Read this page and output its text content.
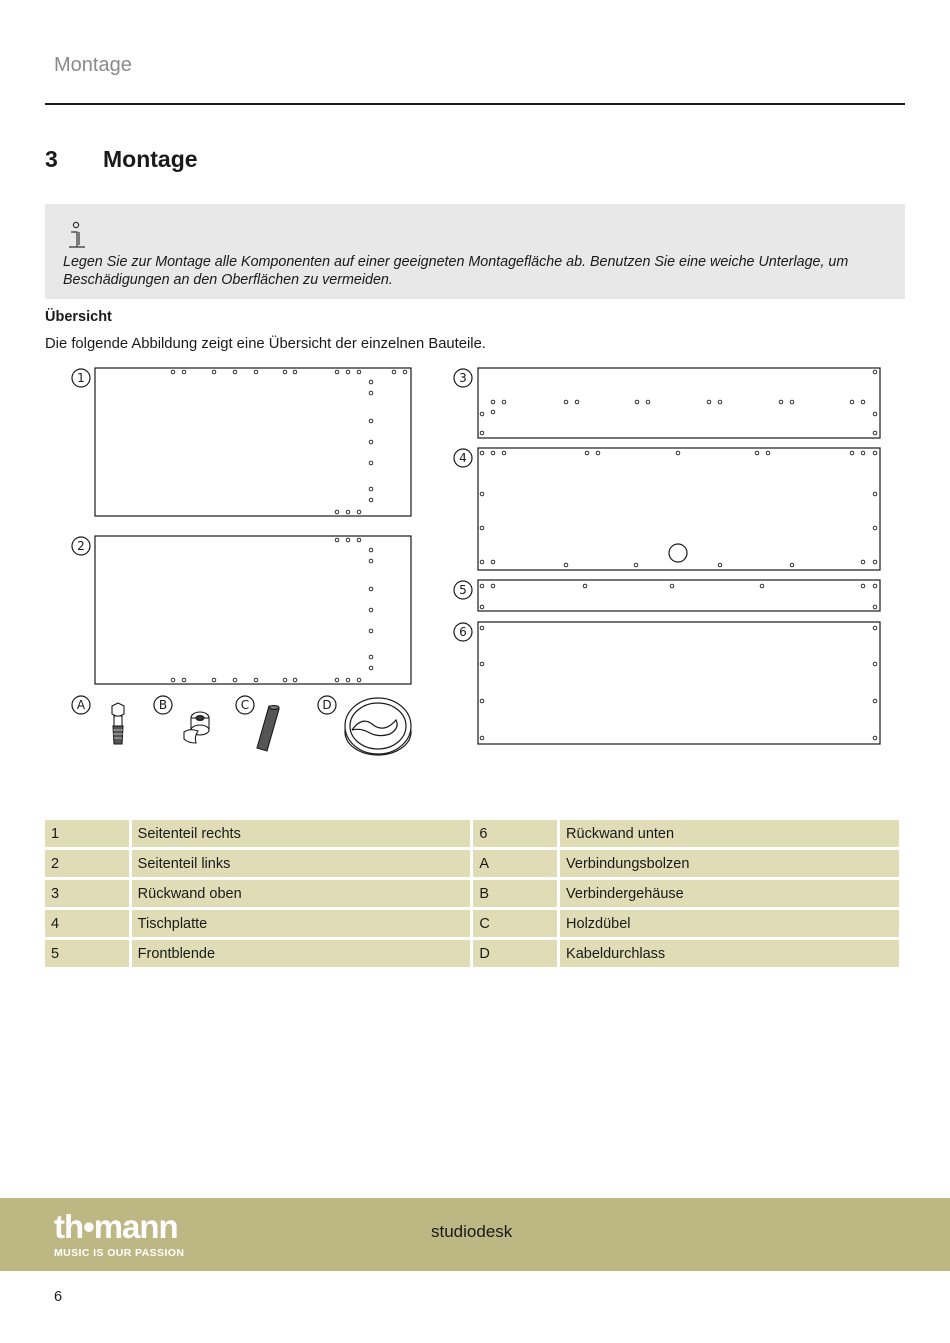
Montage
3 Montage
Legen Sie zur Montage alle Komponenten auf einer geeigneten Montagefläche ab. Benutzen Sie eine weiche Unterlage, um Beschädigungen an den Oberflächen zu vermeiden.
Übersicht
Die folgende Abbildung zeigt eine Übersicht der einzelnen Bauteile.
1
2
3
4
5
6
A	B	C	D
1	Seitenteil rechts	6	Rückwand unten
2	Seitenteil links	A	Verbindungsbolzen
3	Rückwand oben	B	Verbindergehäuse
4	Tischplatte	C	Holzdübel
5	Frontblende	D	Kabeldurchlass
th•mann
MUSIC IS OUR PASSION
studiodesk
6
